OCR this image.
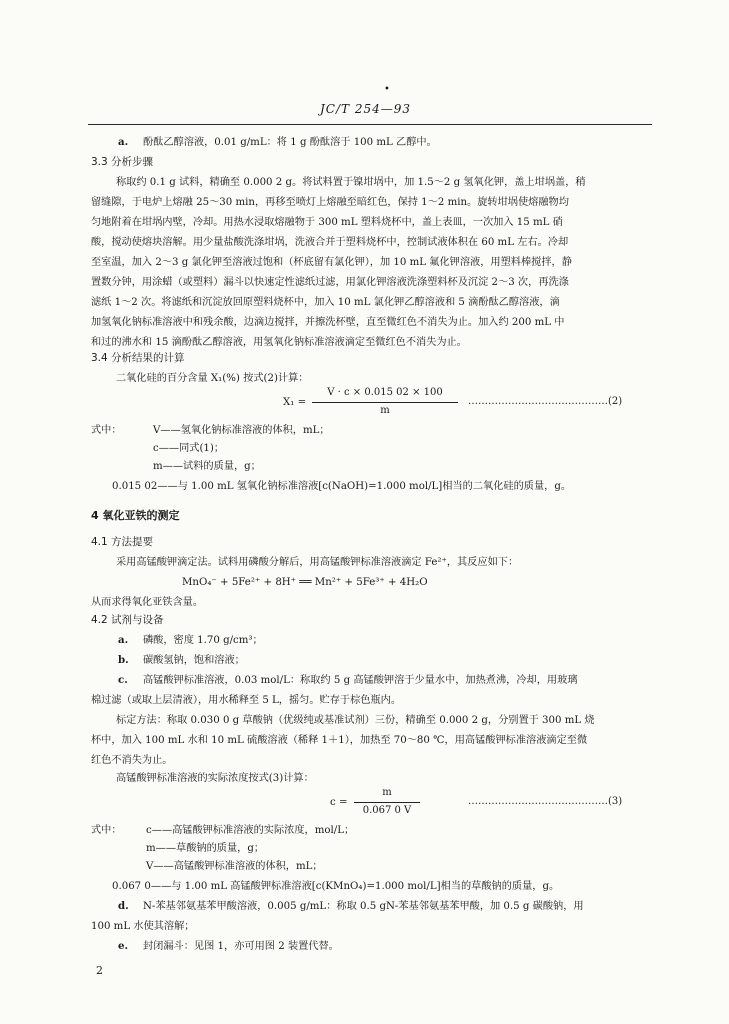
•
JC/T 254—93
a. 酚酞乙醇溶液，0.01 g/mL：将 1 g 酚酞溶于 100 mL 乙醇中。
3.3 分析步骤
称取约 0.1 g 试料，精确至 0.000 2 g。将试料置于镍坩埚中，加 1.5～2 g 氢氧化钾，盖上坩埚盖，稍
留缝隙，于电炉上熔融 25～30 min，再移至喷灯上熔融至暗红色，保持 1～2 min。旋转坩埚使熔融物均
匀地附着在坩埚内壁，冷却。用热水浸取熔融物于 300 mL 塑料烧杯中，盖上表皿，一次加入 15 mL 硝
酸，搅动使熔块溶解。用少量盐酸洗涤坩埚，洗液合并于塑料烧杯中，控制试液体积在 60 mL 左右。冷却
至室温，加入 2～3 g 氯化钾至溶液过饱和（杯底留有氯化钾），加 10 mL 氟化钾溶液，用塑料棒搅拌，静
置数分钟，用涂蜡（或塑料）漏斗以快速定性滤纸过滤，用氯化钾溶液洗涤塑料杯及沉淀 2～3 次，再洗涤
滤纸 1～2 次。将滤纸和沉淀放回原塑料烧杯中，加入 10 mL 氯化钾乙醇溶液和 5 滴酚酞乙醇溶液，滴
加氢氧化钠标准溶液中和残余酸，边滴边搅拌，并擦洗杯壁，直至微红色不消失为止。加入约 200 mL 中
和过的沸水和 15 滴酚酞乙醇溶液，用氢氧化钠标准溶液滴定至微红色不消失为止。
3.4 分析结果的计算
二氧化硅的百分含量 X₁(%) 按式(2)计算：
X₁ =
V · c × 0.015 02 × 100
m
……………………………………(2)
式中：	V——氢氧化钠标准溶液的体积，mL；
c——同式(1)；
m——试料的质量，g；
0.015 02——与 1.00 mL 氢氧化钠标准溶液[c(NaOH)=1.000 mol/L]相当的二氧化硅的质量，g。
4 氧化亚铁的测定
4.1 方法提要
采用高锰酸钾滴定法。试料用磷酸分解后，用高锰酸钾标准溶液滴定 Fe²⁺，其反应如下：
MnO₄⁻ + 5Fe²⁺ + 8H⁺ ══ Mn²⁺ + 5Fe³⁺ + 4H₂O
从而求得氧化亚铁含量。
4.2 试剂与设备
a. 磷酸，密度 1.70 g/cm³；
b. 碳酸氢钠，饱和溶液；
c. 高锰酸钾标准溶液，0.03 mol/L：称取约 5 g 高锰酸钾溶于少量水中，加热煮沸，冷却，用玻璃
棉过滤（或取上层清液），用水稀释至 5 L，摇匀。贮存于棕色瓶内。
标定方法：称取 0.030 0 g 草酸钠（优级纯或基准试剂）三份，精确至 0.000 2 g，分别置于 300 mL 烧
杯中，加入 100 mL 水和 10 mL 硫酸溶液（稀释 1＋1），加热至 70～80 ℃，用高锰酸钾标准溶液滴定至微
红色不消失为止。
高锰酸钾标准溶液的实际浓度按式(3)计算：
c =
m
0.067 0 V
……………………………………(3)
式中： c——高锰酸钾标准溶液的实际浓度，mol/L；
m——草酸钠的质量，g；
V——高锰酸钾标准溶液的体积，mL；
0.067 0——与 1.00 mL 高锰酸钾标准溶液[c(KMnO₄)=1.000 mol/L]相当的草酸钠的质量，g。
d. N-苯基邻氨基苯甲酸溶液，0.005 g/mL：称取 0.5 gN-苯基邻氨基苯甲酸，加 0.5 g 碳酸钠，用
100 mL 水使其溶解；
e. 封闭漏斗：见图 1，亦可用图 2 装置代替。
2
